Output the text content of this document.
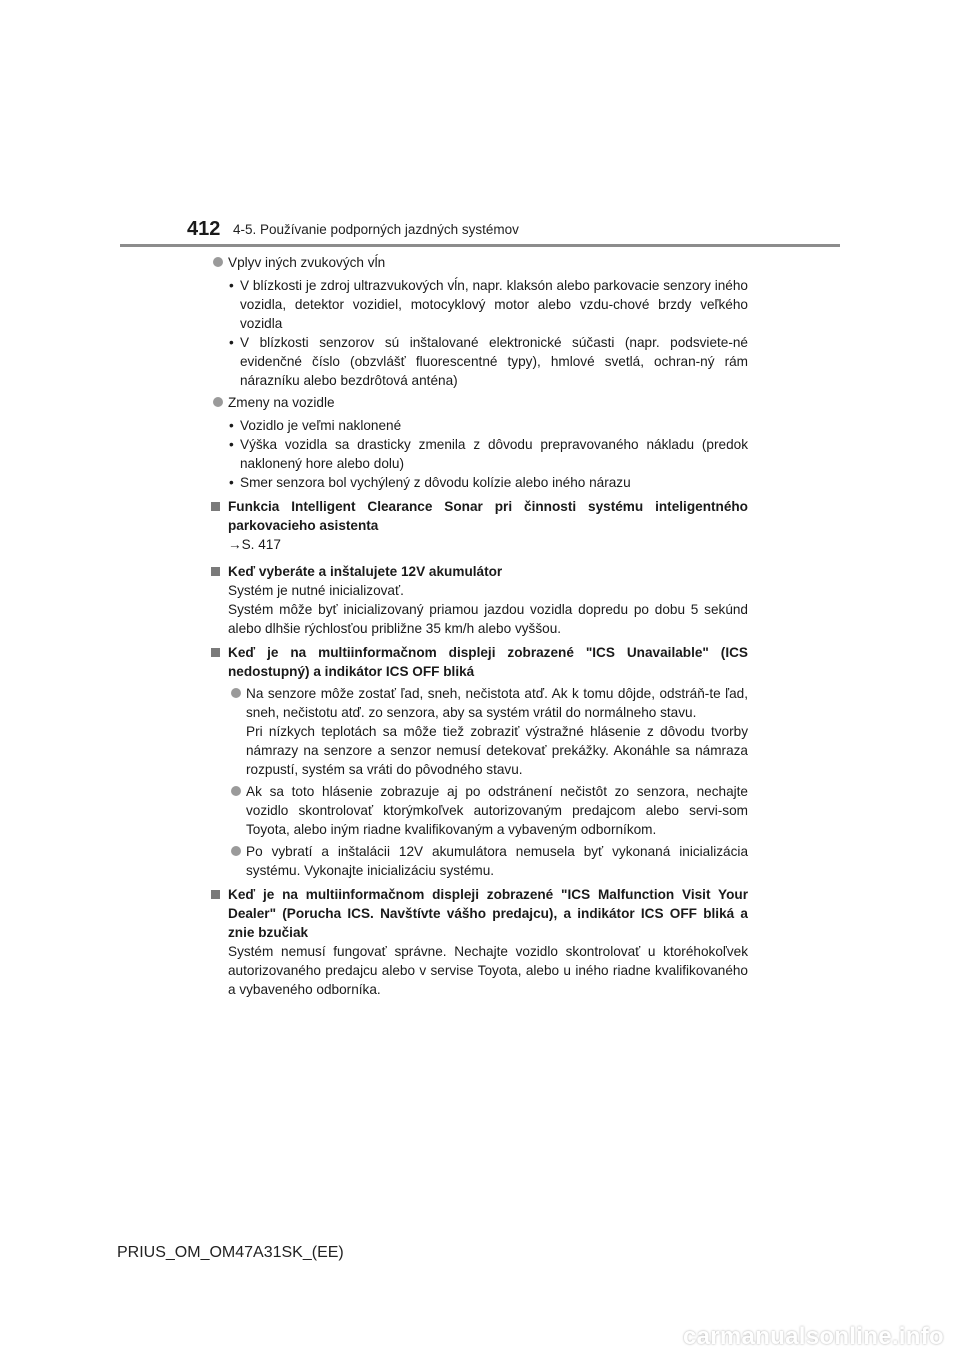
412 4-5. Používanie podporných jazdných systémov

Vplyv iných zvukových vĺn

• V blízkosti je zdroj ultrazvukových vĺn, napr. klaksón alebo parkovacie senzory iného vozidla, detektor vozidiel, motocyklový motor alebo vzdu-chové brzdy veľkého vozidla

• V blízkosti senzorov sú inštalované elektronické súčasti (napr. podsviete-né evidenčné číslo (obzvlášť fluorescentné typy), hmlové svetlá, ochran-ný rám nárazníku alebo bezdrôtová anténa)

Zmeny na vozidle

• Vozidlo je veľmi naklonené

• Výška vozidla sa drasticky zmenila z dôvodu prepravovaného nákladu (predok naklonený hore alebo dolu)

• Smer senzora bol vychýlený z dôvodu kolízie alebo iného nárazu

Funkcia Intelligent Clearance Sonar pri činnosti systému inteligentného parkovacieho asistenta

→S. 417

Keď vyberáte a inštalujete 12V akumulátor

Systém je nutné inicializovať.

Systém môže byť inicializovaný priamou jazdou vozidla dopredu po dobu 5 sekúnd alebo dlhšie rýchlosťou približne 35 km/h alebo vyššou.

Keď je na multiinformačnom displeji zobrazené "ICS Unavailable" (ICS nedostupný) a indikátor ICS OFF bliká

Na senzore môže zostať ľad, sneh, nečistota atď. Ak k tomu dôjde, odstráň-te ľad, sneh, nečistotu atď. zo senzora, aby sa systém vrátil do normálneho stavu.

Pri nízkych teplotách sa môže tiež zobraziť výstražné hlásenie z dôvodu tvorby námrazy na senzore a senzor nemusí detekovať prekážky. Akonáhle sa námraza rozpustí, systém sa vráti do pôvodného stavu.

Ak sa toto hlásenie zobrazuje aj po odstránení nečistôt zo senzora, nechajte vozidlo skontrolovať ktorýmkoľvek autorizovaným predajcom alebo servi-som Toyota, alebo iným riadne kvalifikovaným a vybaveným odborníkom.

Po vybratí a inštalácii 12V akumulátora nemusela byť vykonaná inicializácia systému. Vykonajte inicializáciu systému.

Keď je na multiinformačnom displeji zobrazené "ICS Malfunction Visit Your Dealer" (Porucha ICS. Navštívte vášho predajcu), a indikátor ICS OFF bliká a znie bzučiak

Systém nemusí fungovať správne. Nechajte vozidlo skontrolovať u ktoréhokoľvek autorizovaného predajcu alebo v servise Toyota, alebo u iného riadne kvalifikovaného a vybaveného odborníka.

PRIUS_OM_OM47A31SK_(EE)
carmanualsonline.info
